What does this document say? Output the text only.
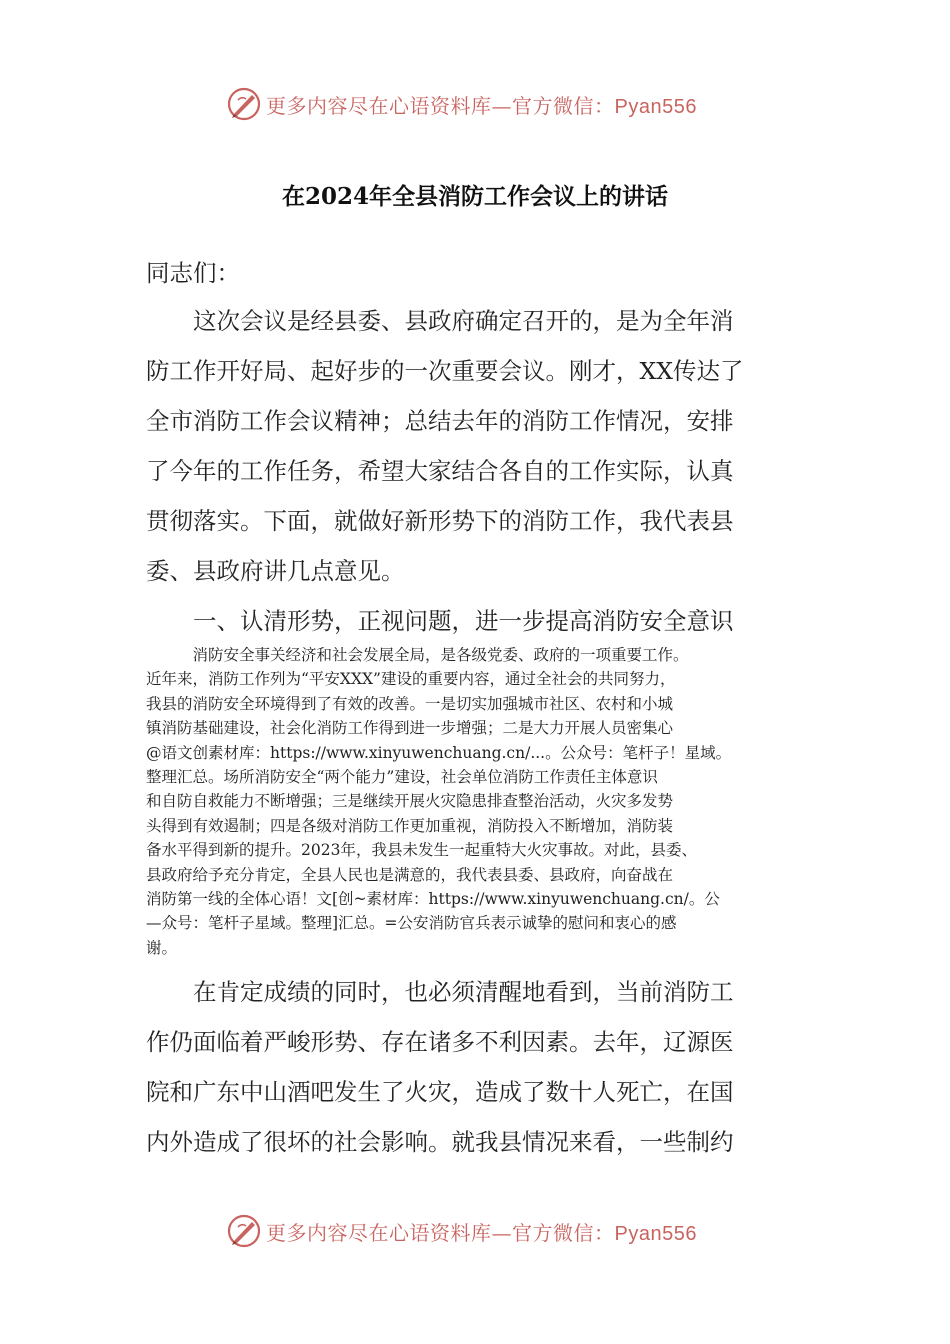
更多内容尽在心语资料库—官方微信：Pyan556
在2024年全县消防工作会议上的讲话
同志们：
　　这次会议是经县委、县政府确定召开的，是为全年消
防工作开好局、起好步的一次重要会议。刚才，XX传达了
全市消防工作会议精神；总结去年的消防工作情况，安排
了今年的工作任务，希望大家结合各自的工作实际，认真
贯彻落实。下面，就做好新形势下的消防工作，我代表县
委、县政府讲几点意见。
　　一、认清形势，正视问题，进一步提高消防安全意识
　　　消防安全事关经济和社会发展全局，是各级党委、政府的一项重要工作。
近年来，消防工作列为“平安XXX”建设的重要内容，通过全社会的共同努力，
我县的消防安全环境得到了有效的改善。一是切实加强城市社区、农村和小城
镇消防基础建设，社会化消防工作得到进一步增强；二是大力开展人员密集心
@语文创素材库：https://www.xinyuwenchuang.cn/...。公众号：笔杆子！星域。
整理汇总。场所消防安全“两个能力”建设，社会单位消防工作责任主体意识
和自防自救能力不断增强；三是继续开展火灾隐患排查整治活动，火灾多发势
头得到有效遏制；四是各级对消防工作更加重视，消防投入不断增加，消防装
备水平得到新的提升。2023年，我县未发生一起重特大火灾事故。对此，县委、
县政府给予充分肯定，全县人民也是满意的，我代表县委、县政府，向奋战在
消防第一线的全体心语！文[创~素材库：https://www.xinyuwenchuang.cn/。公
—众号：笔杆子星域。整理]汇总。=公安消防官兵表示诚挚的慰问和衷心的感
谢。
　　在肯定成绩的同时，也必须清醒地看到，当前消防工
作仍面临着严峻形势、存在诸多不利因素。去年，辽源医
院和广东中山酒吧发生了火灾，造成了数十人死亡，在国
内外造成了很坏的社会影响。就我县情况来看，一些制约
更多内容尽在心语资料库—官方微信：Pyan556
